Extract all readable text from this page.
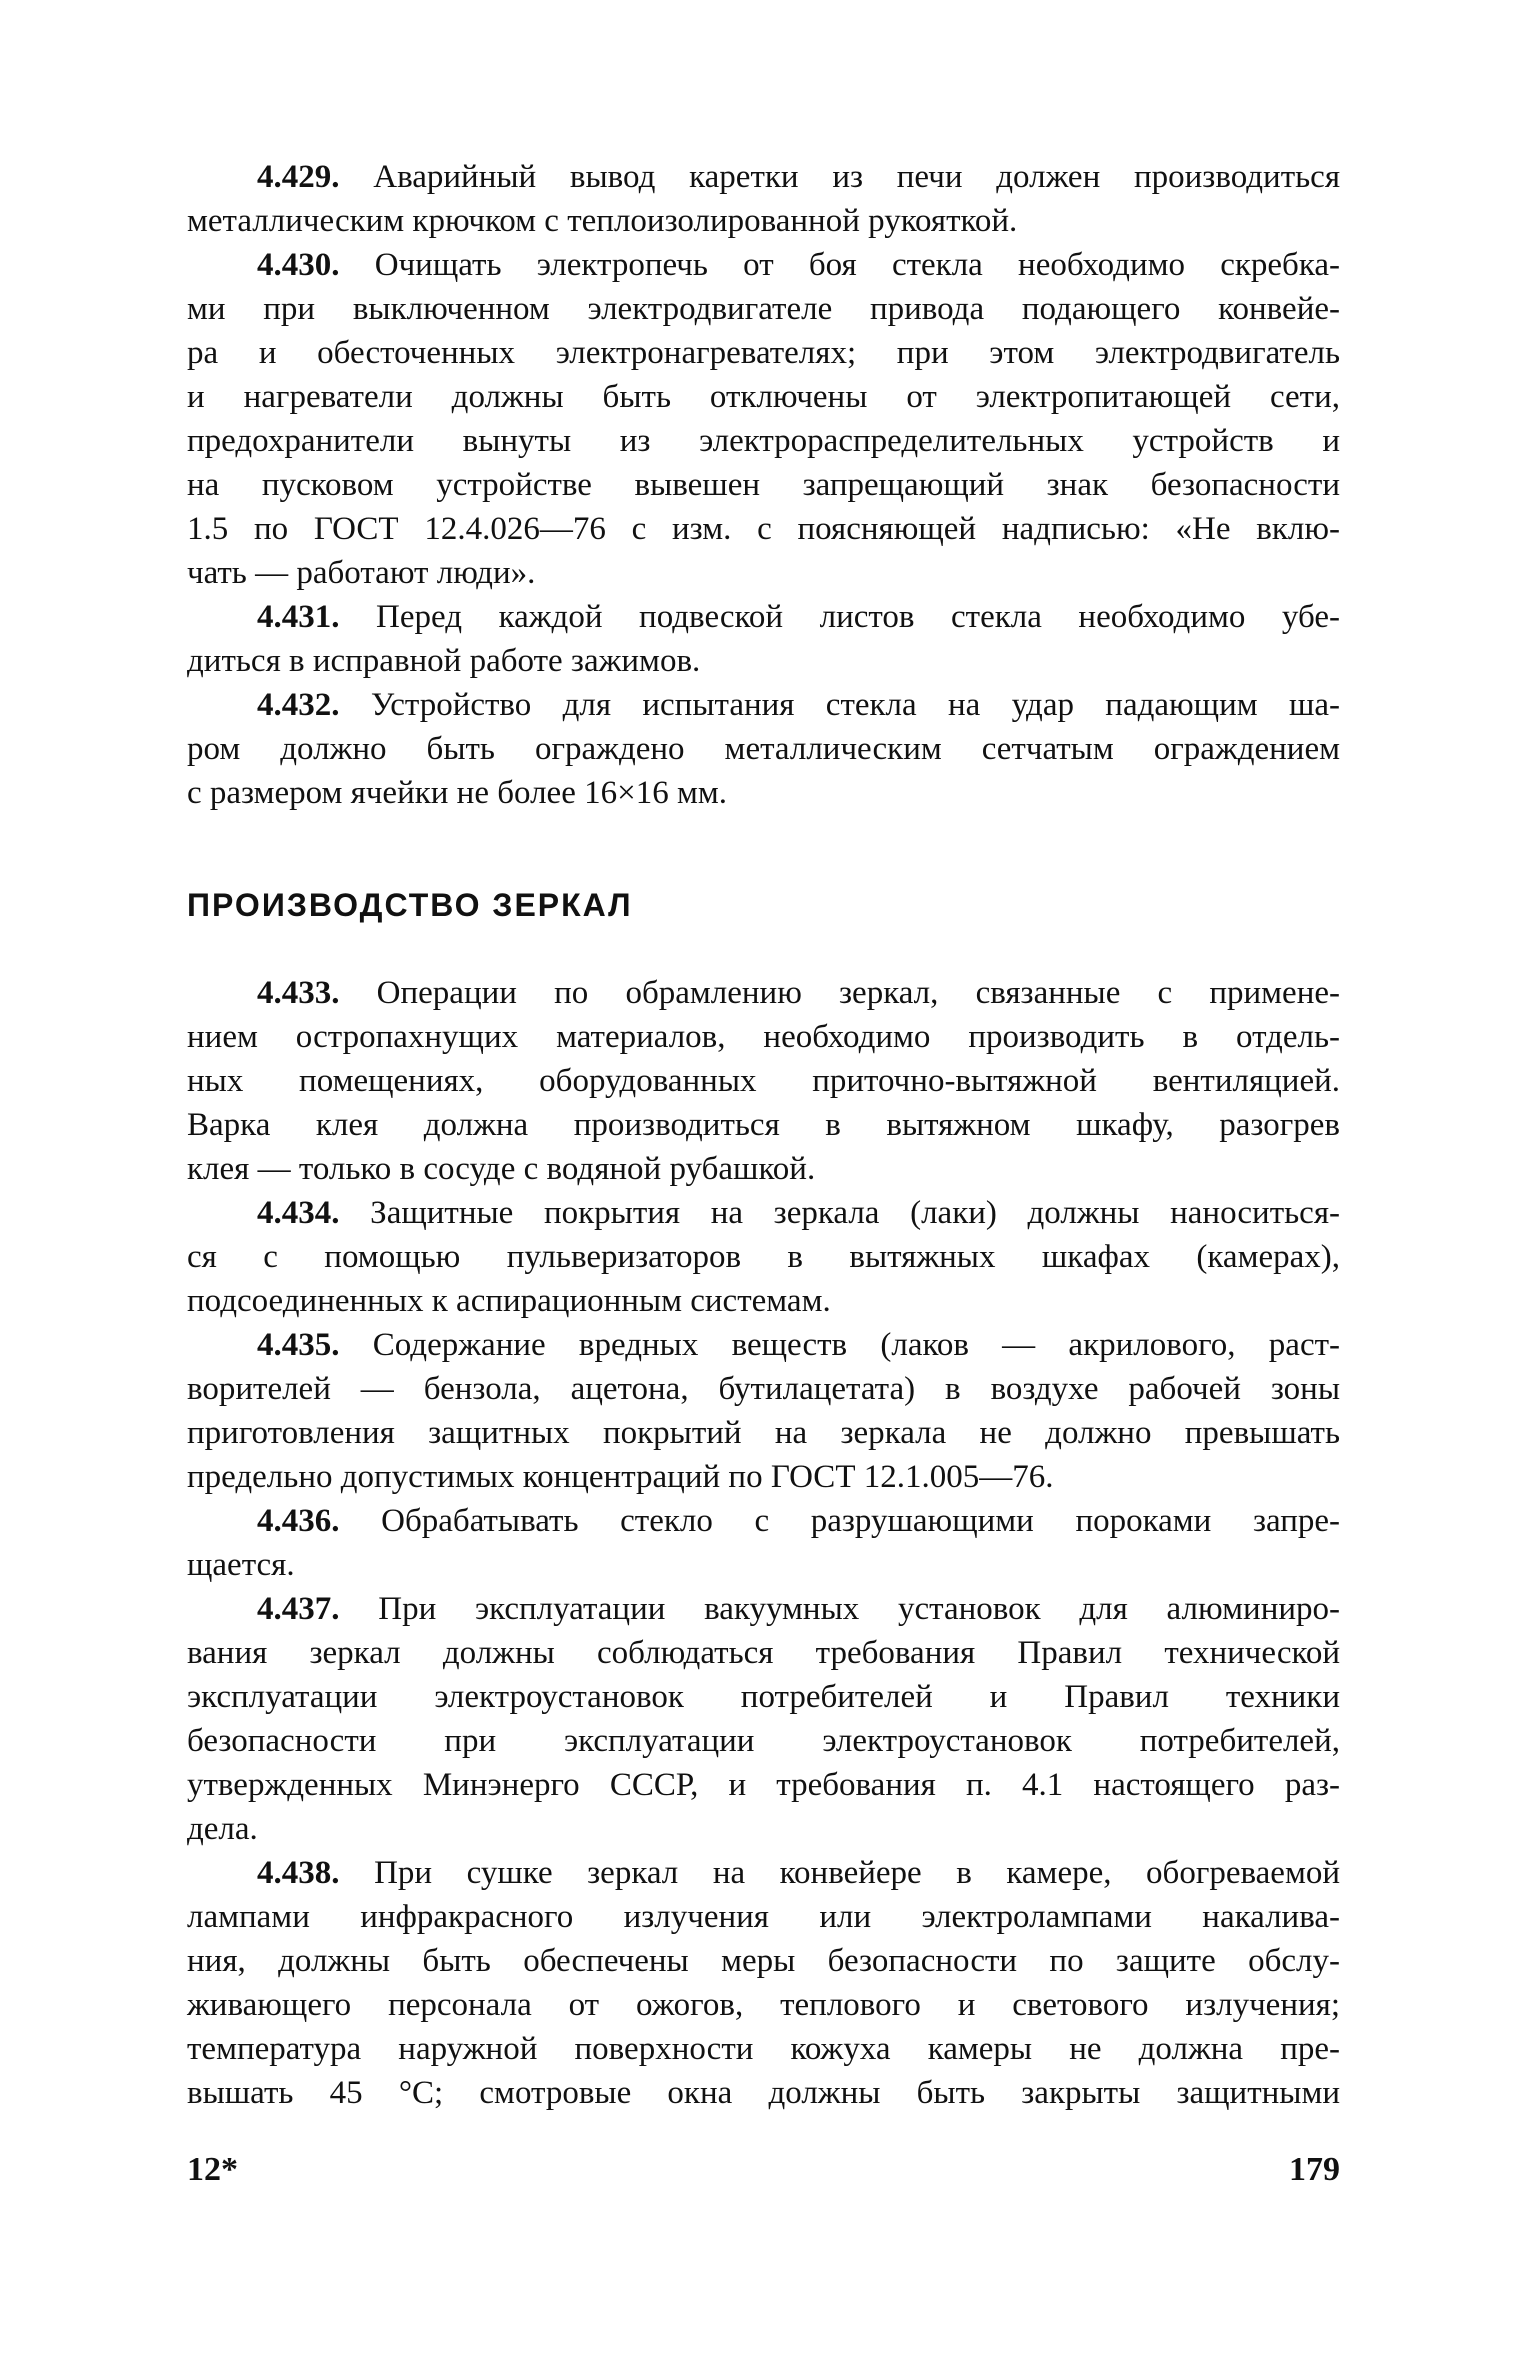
4.429. Аварийный вывод каретки из печи должен производиться
металлическим крючком с теплоизолированной рукояткой.
4.430. Очищать электропечь от боя стекла необходимо скребка-
ми при выключенном электродвигателе привода подающего конвейе-
ра и обесточенных электронагревателях; при этом электродвигатель
и нагреватели должны быть отключены от электропитающей сети,
предохранители вынуты из электрораспределительных устройств и
на пусковом устройстве вывешен запрещающий знак безопасности
1.5 по ГОСТ 12.4.026—76 с изм. с поясняющей надписью: «Не вклю-
чать — работают люди».
4.431. Перед каждой подвеской листов стекла необходимо убе-
диться в исправной работе зажимов.
4.432. Устройство для испытания стекла на удар падающим ша-
ром должно быть ограждено металлическим сетчатым ограждением
с размером ячейки не более 16×16 мм.
ПРОИЗВОДСТВО ЗЕРКАЛ
4.433. Операции по обрамлению зеркал, связанные с примене-
нием остропахнущих материалов, необходимо производить в отдель-
ных помещениях, оборудованных приточно-вытяжной вентиляцией.
Варка клея должна производиться в вытяжном шкафу, разогрев
клея — только в сосуде с водяной рубашкой.
4.434. Защитные покрытия на зеркала (лаки) должны наноситься-
ся с помощью пульверизаторов в вытяжных шкафах (камерах),
подсоединенных к аспирационным системам.
4.435. Содержание вредных веществ (лаков — акрилового, раст-
ворителей — бензола, ацетона, бутилацетата) в воздухе рабочей зоны
приготовления защитных покрытий на зеркала не должно превышать
предельно допустимых концентраций по ГОСТ 12.1.005—76.
4.436. Обрабатывать стекло с разрушающими пороками запре-
щается.
4.437. При эксплуатации вакуумных установок для алюминиро-
вания зеркал должны соблюдаться требования Правил технической
эксплуатации электроустановок потребителей и Правил техники
безопасности при эксплуатации электроустановок потребителей,
утвержденных Минэнерго СССР, и требования п. 4.1 настоящего раз-
дела.
4.438. При сушке зеркал на конвейере в камере, обогреваемой
лампами инфракрасного излучения или электролампами накалива-
ния, должны быть обеспечены меры безопасности по защите обслу-
живающего персонала от ожогов, теплового и светового излучения;
температура наружной поверхности кожуха камеры не должна пре-
вышать 45 °С; смотровые окна должны быть закрыты защитными
12*	179
